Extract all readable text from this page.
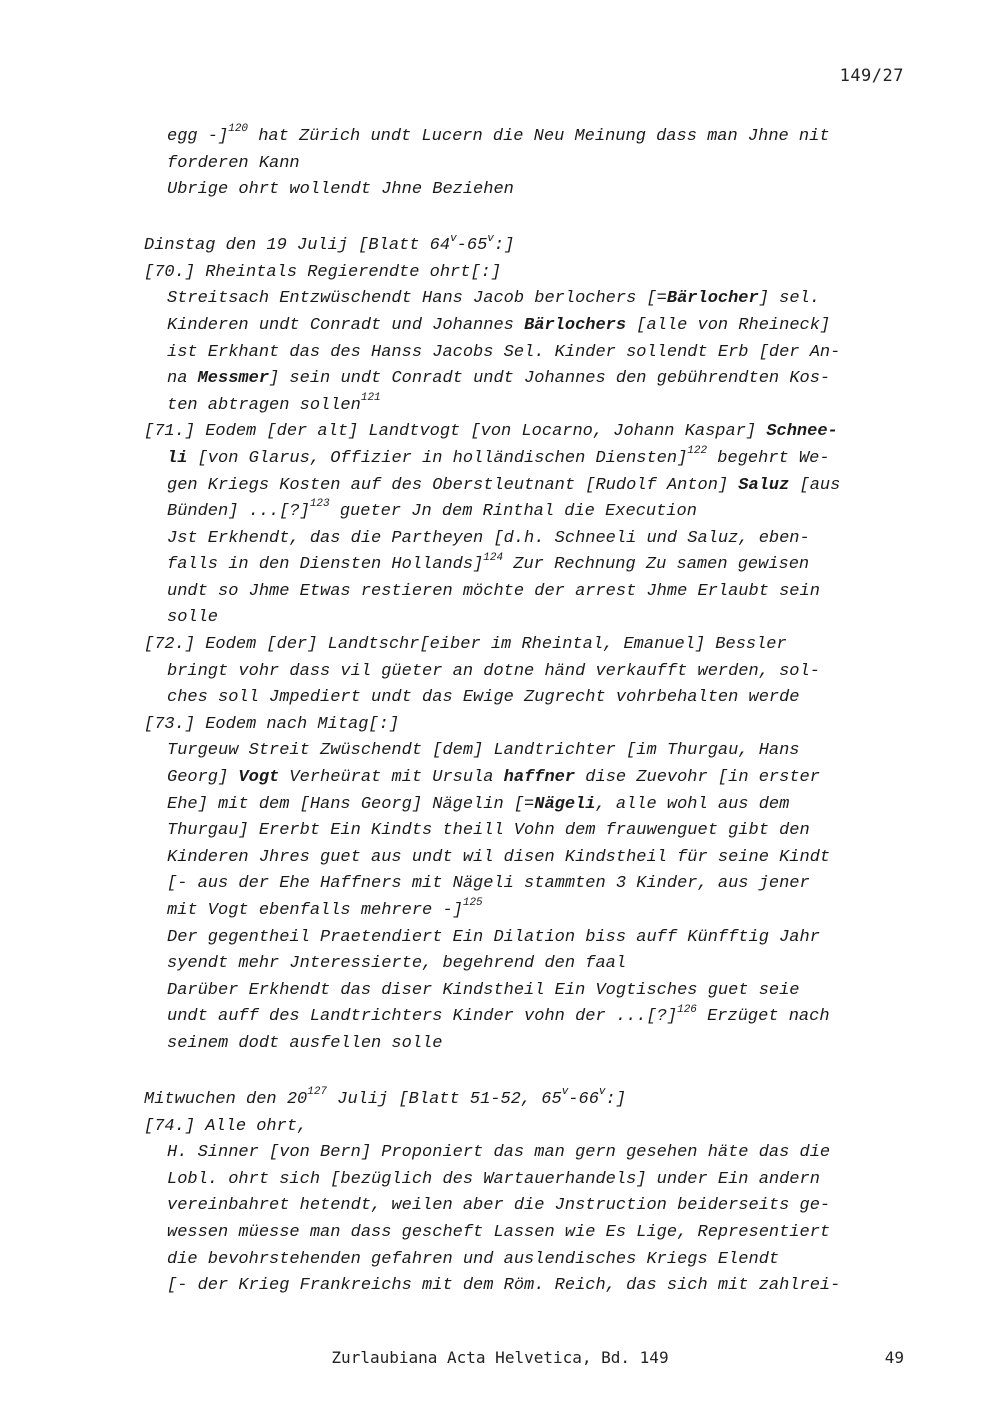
149/27
egg -]$^{120}$ hat Zürich undt Lucern die Neu Meinung dass man Jhne nit
forderen Kann
Ubrige ohrt wollendt Jhne Beziehen
Dinstag den 19 Julij [Blatt 64$^v$-65$^v$:]
[70.] Rheintals Regierendte ohrt[:]
Streitsach Entzwüschendt Hans Jacob berlochers [=Bärlocher] sel.
Kinderen undt Conradt und Johannes Bärlochers [alle von Rheineck]
ist Erkhant das des Hanss Jacobs Sel. Kinder sollendt Erb [der An-
na Messmer] sein undt Conradt undt Johannes den gebührendten Kos-
ten abtragen sollen$^{121}$
[71.] Eodem [der alt] Landtvogt [von Locarno, Johann Kaspar] Schnee-
li [von Glarus, Offizier in holländischen Diensten]$^{122}$ begehrt We-
gen Kriegs Kosten auf des Oberstleutnant [Rudolf Anton] Saluz [aus
Bünden] ...[?]$^{123}$ gueter Jn dem Rinthal die Execution
Jst Erkhendt, das die Partheyen [d.h. Schneeli und Saluz, eben-
falls in den Diensten Hollands]$^{124}$ Zur Rechnung Zu samen gewisen
undt so Jhme Etwas restieren möchte der arrest Jhme Erlaubt sein
solle
[72.] Eodem [der] Landtschr[eiber im Rheintal, Emanuel] Bessler
bringt vohr dass vil güeter an dotne händ verkaufft werden, sol-
ches soll Jmpediert undt das Ewige Zugrecht vohrbehalten werde
[73.] Eodem nach Mitag[:]
Turgeuw Streit Zwüschendt [dem] Landtrichter [im Thurgau, Hans
Georg] Vogt Verheürat mit Ursula haffner dise Zuevohr [in erster
Ehe] mit dem [Hans Georg] Nägelin [=Nägeli, alle wohl aus dem
Thurgau] Ererbt Ein Kindts theill Vohn dem frauwenguet gibt den
Kinderen Jhres guet aus undt wil disen Kindstheil für seine Kindt
[- aus der Ehe Haffners mit Nägeli stammten 3 Kinder, aus jener
mit Vogt ebenfalls mehrere -]$^{125}$
Der gegentheil Praetendiert Ein Dilation biss auff Künfftig Jahr
syendt mehr Jnteressierte, begehrend den faal
Darüber Erkhendt das diser Kindstheil Ein Vogtisches guet seie
undt auff des Landtrichters Kinder vohn der ...[?]$^{126}$ Erzüget nach
seinem dodt ausfellen solle
Mitwuchen den $20^{127}$ Julij [Blatt 51-52, 65$^v$-66$^v$:]
[74.] Alle ohrt,
H. Sinner [von Bern] Proponiert das man gern gesehen häte das die
Lobl. ohrt sich [bezüglich des Wartauerhandels] under Ein andern
vereinbahret hetendt, weilen aber die Jnstruction beiderseits ge-
wessen müesse man dass gescheft Lassen wie Es Lige, Representiert
die bevohrstehenden gefahren und auslendisches Kriegs Elendt
[- der Krieg Frankreichs mit dem Röm. Reich, das sich mit zahlrei-
Zurlaubiana Acta Helvetica, Bd. 149	49
